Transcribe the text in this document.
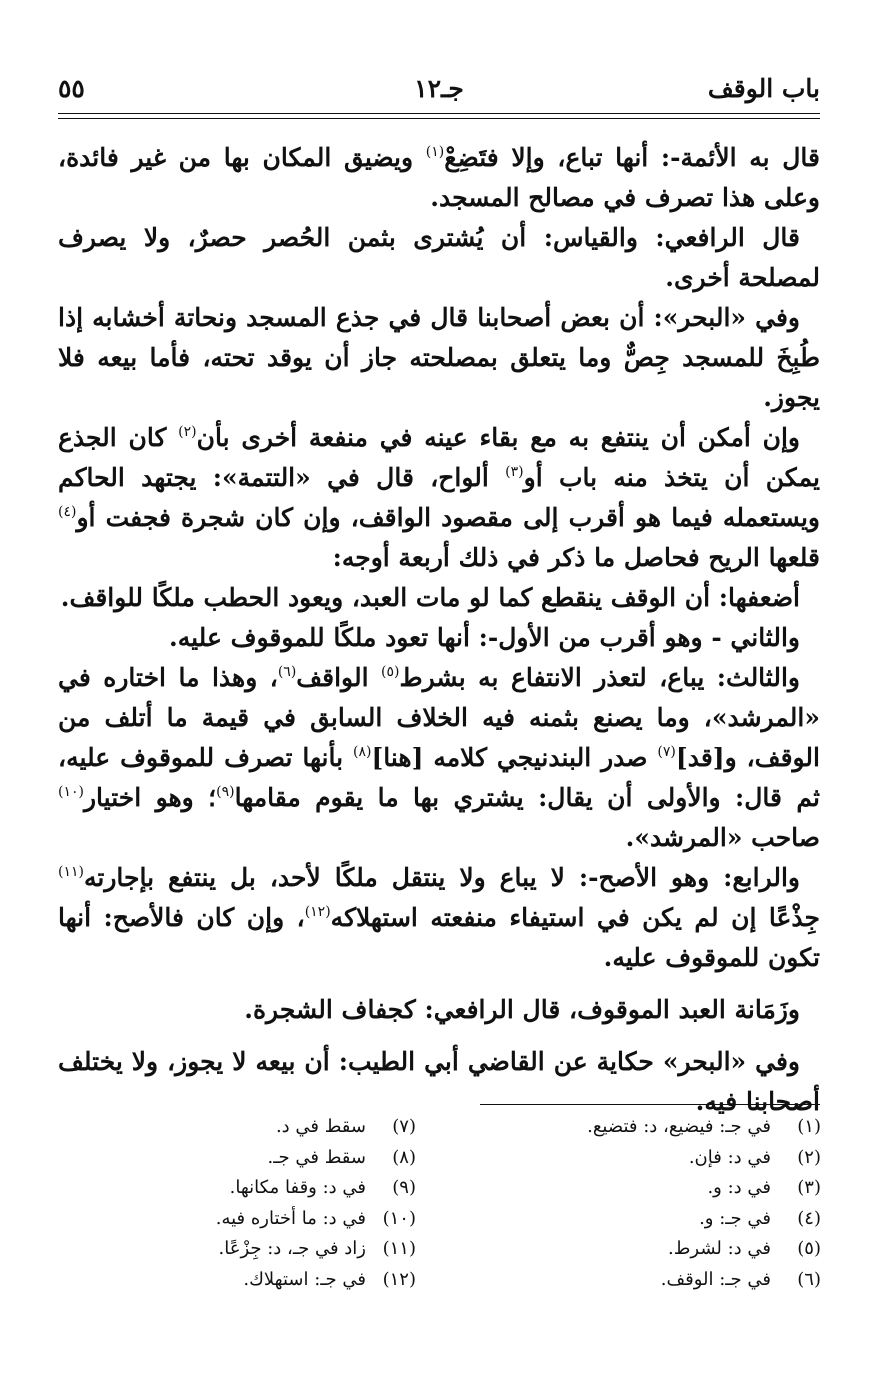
باب الوقف
جـ١٢
٥٥

قال به الأئمة-: أنها تباع، وإلا فتَضِعْ$^{(١)}$ ويضيق المكان بها من غير فائدة، وعلى هذا تصرف في مصالح المسجد.

قال الرافعي: والقياس: أن يُشترى بثمن الحُصر حصرٌ، ولا يصرف لمصلحة أخرى.

وفي «البحر»: أن بعض أصحابنا قال في جذع المسجد ونحاتة أخشابه إذا طُبِخَ للمسجد جِصٌّ وما يتعلق بمصلحته جاز أن يوقد تحته، فأما بيعه فلا يجوز.

وإن أمكن أن ينتفع به مع بقاء عينه في منفعة أخرى بأن$^{(٢)}$ كان الجذع يمكن أن يتخذ منه باب أو$^{(٣)}$ ألواح، قال في «التتمة»: يجتهد الحاكم ويستعمله فيما هو أقرب إلى مقصود الواقف، وإن كان شجرة فجفت أو$^{(٤)}$ قلعها الريح فحاصل ما ذكر في ذلك أربعة أوجه:

أضعفها: أن الوقف ينقطع كما لو مات العبد، ويعود الحطب ملكًا للواقف.

والثاني - وهو أقرب من الأول-: أنها تعود ملكًا للموقوف عليه.

والثالث: يباع، لتعذر الانتفاع به بشرط$^{(٥)}$ الواقف$^{(٦)}$، وهذا ما اختاره في «المرشد»، وما يصنع بثمنه فيه الخلاف السابق في قيمة ما أتلف من الوقف، و[قد]$^{(٧)}$ صدر البندنيجي كلامه [هنا]$^{(٨)}$ بأنها تصرف للموقوف عليه، ثم قال: والأولى أن يقال: يشتري بها ما يقوم مقامها$^{(٩)}$؛ وهو اختيار$^{(١٠)}$ صاحب «المرشد».

والرابع: وهو الأصح-: لا يباع ولا ينتقل ملكًا لأحد، بل ينتفع بإجارته$^{(١١)}$ جِذْعًا إن لم يكن في استيفاء منفعته استهلاكه$^{(١٢)}$، وإن كان فالأصح: أنها تكون للموقوف عليه.

وزَمَانة العبد الموقوف، قال الرافعي: كجفاف الشجرة.

وفي «البحر» حكاية عن القاضي أبي الطيب: أن بيعه لا يجوز، ولا يختلف أصحابنا فيه.

(١)في جـ: فيضيع، د: فتضيع.
(٢)في د: فإن.
(٣)في د: و.
(٤)في جـ: و.
(٥)في د: لشرط.
(٦)في جـ: الوقف.
(٧)سقط في د.
(٨)سقط في جـ.
(٩)في د: وقفا مكانها.
(١٠)في د: ما أختاره فيه.
(١١)زاد في جـ، د: جِزْعًا.
(١٢)في جـ: استهلاك.
